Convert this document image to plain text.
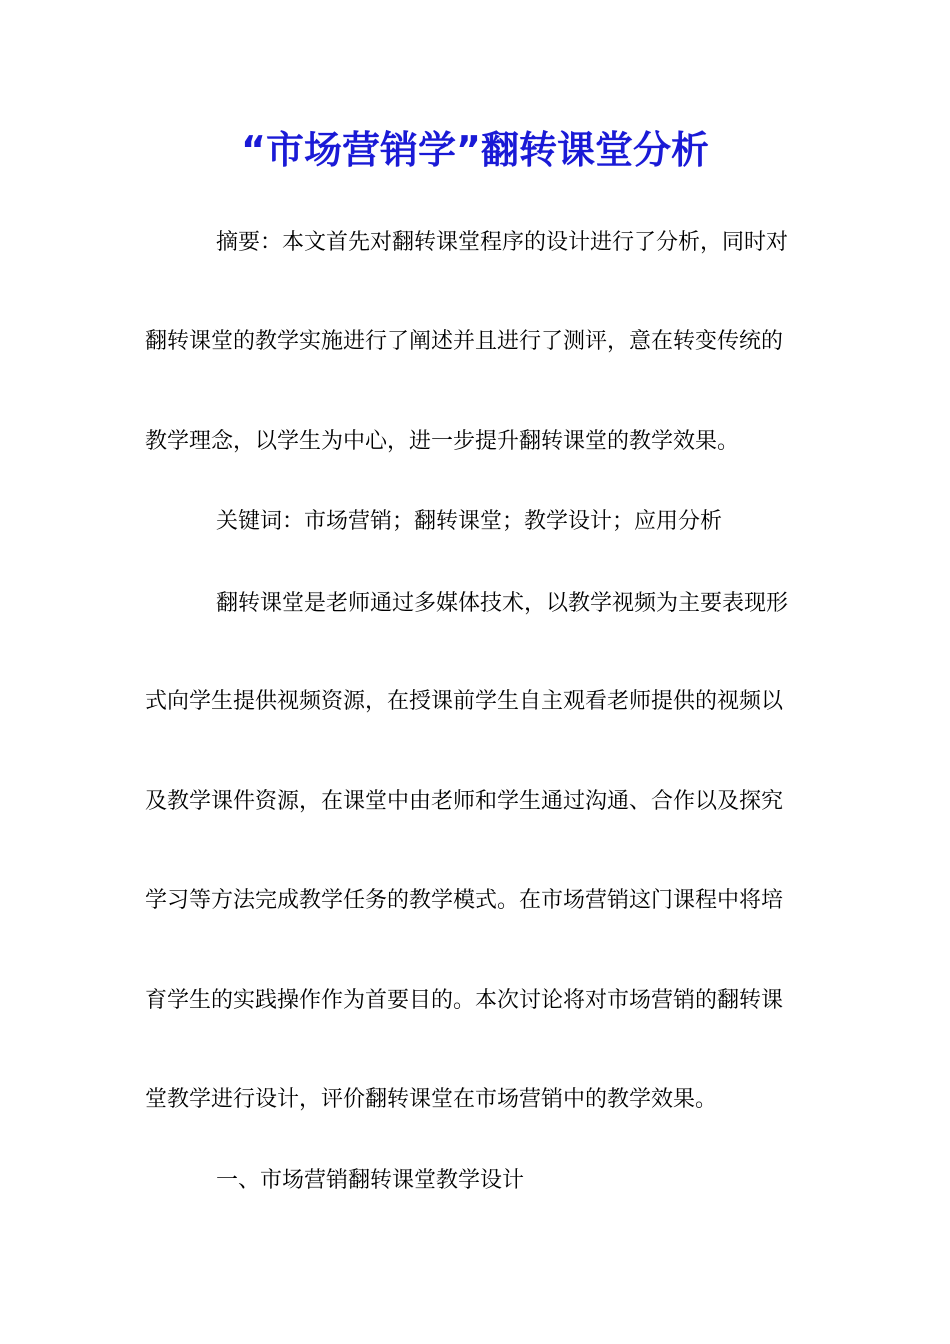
“市场营销学”翻转课堂分析

摘要：本文首先对翻转课堂程序的设计进行了分析，同时对

翻转课堂的教学实施进行了阐述并且进行了测评，意在转变传统的

教学理念，以学生为中心，进一步提升翻转课堂的教学效果。

关键词：市场营销；翻转课堂；教学设计；应用分析

翻转课堂是老师通过多媒体技术，以教学视频为主要表现形

式向学生提供视频资源，在授课前学生自主观看老师提供的视频以

及教学课件资源，在课堂中由老师和学生通过沟通、合作以及探究

学习等方法完成教学任务的教学模式。在市场营销这门课程中将培

育学生的实践操作作为首要目的。本次讨论将对市场营销的翻转课

堂教学进行设计，评价翻转课堂在市场营销中的教学效果。

一、市场营销翻转课堂教学设计
